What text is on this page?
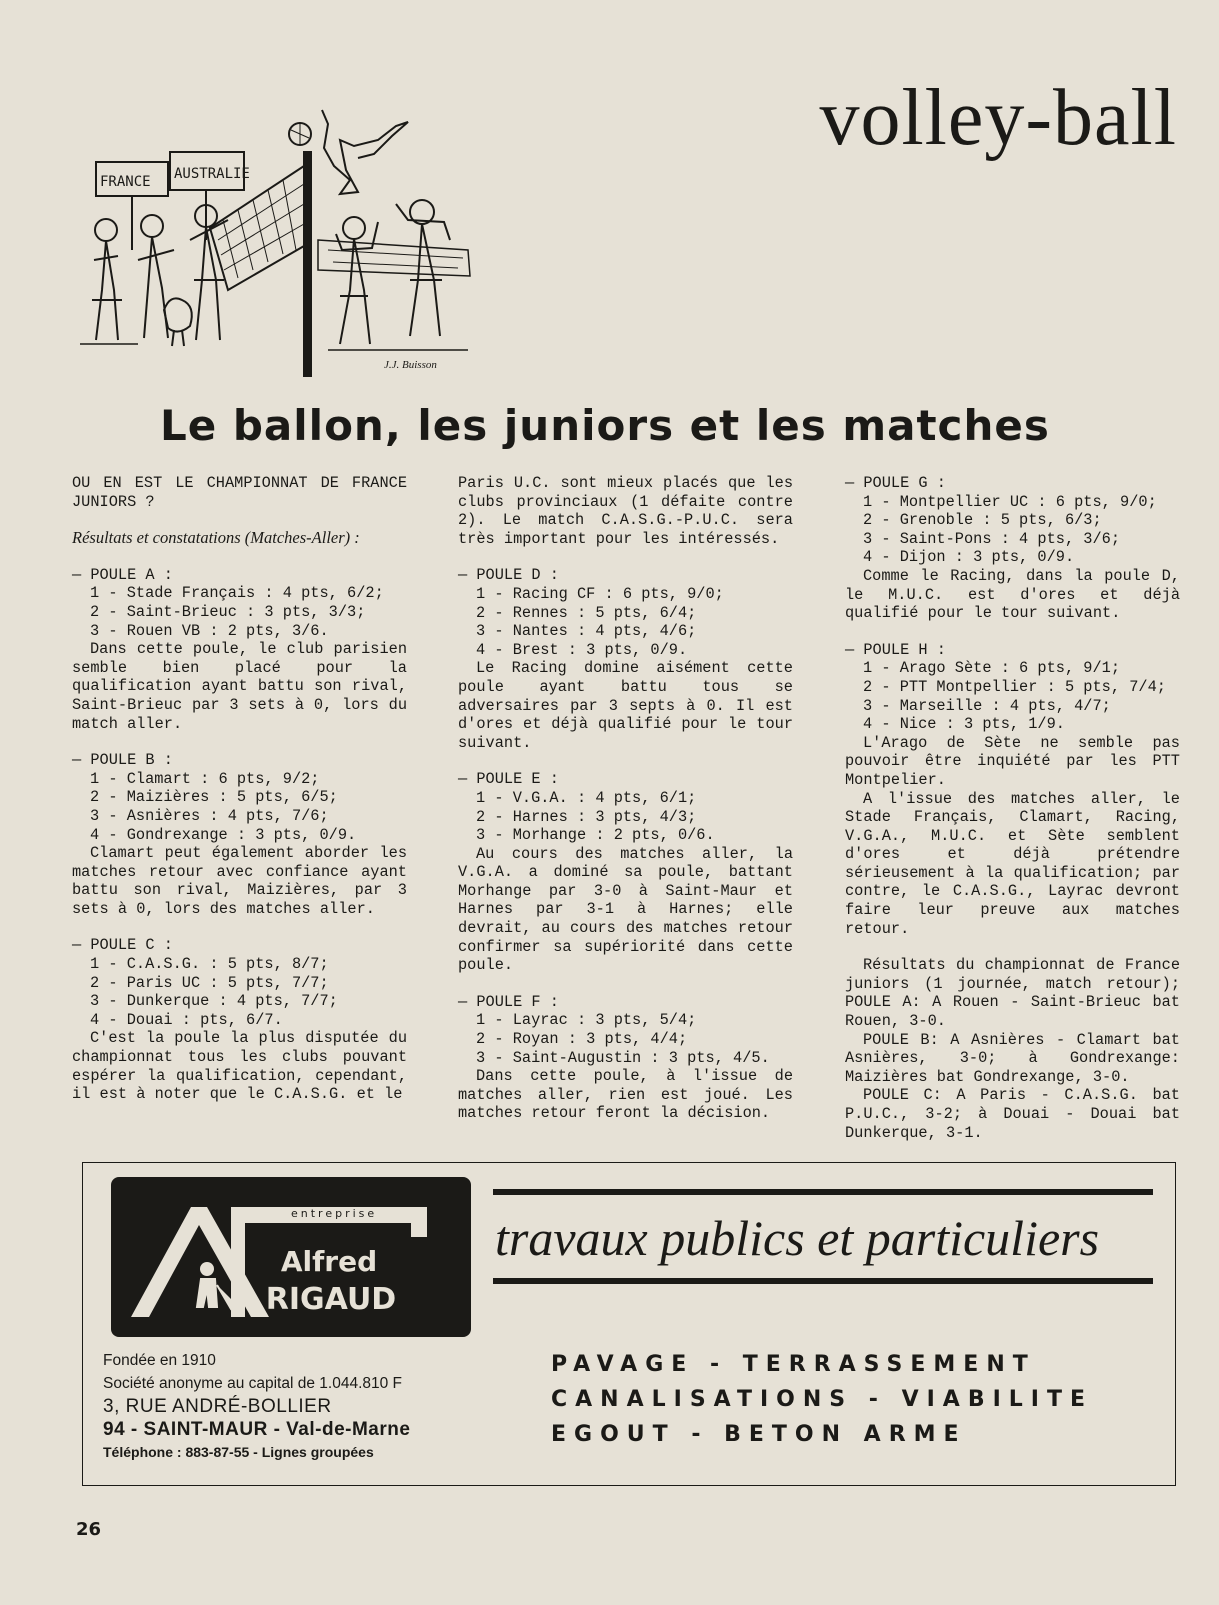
volley-ball
FRANCE AUSTRALIE
J.J. Buisson
Le ballon, les juniors et les matches

OU EN EST LE CHAMPIONNAT DE FRANCE JUNIORS ?

Résultats et constatations (Matches-Aller) :

— POULE A :

1 - Stade Français : 4 pts, 6/2;

2 - Saint-Brieuc : 3 pts, 3/3;

3 - Rouen VB : 2 pts, 3/6.

Dans cette poule, le club parisien semble bien placé pour la qualification ayant battu son rival, Saint-Brieuc par 3 sets à 0, lors du match aller.

— POULE B :

1 - Clamart : 6 pts, 9/2;

2 - Maizières : 5 pts, 6/5;

3 - Asnières : 4 pts, 7/6;

4 - Gondrexange : 3 pts, 0/9.

Clamart peut également aborder les matches retour avec confiance ayant battu son rival, Maizières, par 3 sets à 0, lors des matches aller.

— POULE C :

1 - C.A.S.G. : 5 pts, 8/7;

2 - Paris UC : 5 pts, 7/7;

3 - Dunkerque : 4 pts, 7/7;

4 - Douai : pts, 6/7.

C'est la poule la plus disputée du championnat tous les clubs pouvant espérer la qualification, cependant, il est à noter que le C.A.S.G. et le

Paris U.C. sont mieux placés que les clubs provinciaux (1 défaite contre 2). Le match C.A.S.G.-P.U.C. sera très important pour les intéressés.

— POULE D :

1 - Racing CF : 6 pts, 9/0;

2 - Rennes : 5 pts, 6/4;

3 - Nantes : 4 pts, 4/6;

4 - Brest : 3 pts, 0/9.

Le Racing domine aisément cette poule ayant battu tous se adversaires par 3 septs à 0. Il est d'ores et déjà qualifié pour le tour suivant.

— POULE E :

1 - V.G.A. : 4 pts, 6/1;

2 - Harnes : 3 pts, 4/3;

3 - Morhange : 2 pts, 0/6.

Au cours des matches aller, la V.G.A. a dominé sa poule, battant Morhange par 3-0 à Saint-Maur et Harnes par 3-1 à Harnes; elle devrait, au cours des matches retour confirmer sa supériorité dans cette poule.

— POULE F :

1 - Layrac : 3 pts, 5/4;

2 - Royan : 3 pts, 4/4;

3 - Saint-Augustin : 3 pts, 4/5.

Dans cette poule, à l'issue de matches aller, rien est joué. Les matches retour feront la décision.

— POULE G :

1 - Montpellier UC : 6 pts, 9/0;

2 - Grenoble : 5 pts, 6/3;

3 - Saint-Pons : 4 pts, 3/6;

4 - Dijon : 3 pts, 0/9.

Comme le Racing, dans la poule D, le M.U.C. est d'ores et déjà qualifié pour le tour suivant.

— POULE H :

1 - Arago Sète : 6 pts, 9/1;

2 - PTT Montpellier : 5 pts, 7/4;

3 - Marseille : 4 pts, 4/7;

4 - Nice : 3 pts, 1/9.

L'Arago de Sète ne semble pas pouvoir être inquiété par les PTT Montpelier.

A l'issue des matches aller, le Stade Français, Clamart, Racing, V.G.A., M.U.C. et Sète semblent d'ores et déjà prétendre sérieusement à la qualification; par contre, le C.A.S.G., Layrac devront faire leur preuve aux matches retour.

Résultats du championnat de France juniors (1 journée, match retour); POULE A: A Rouen - Saint-Brieuc bat Rouen, 3-0.

POULE B: A Asnières - Clamart bat Asnières, 3-0; à Gondrexange: Maizières bat Gondrexange, 3-0.

POULE C: A Paris - C.A.S.G. bat P.U.C., 3-2; à Douai - Douai bat Dunkerque, 3-1.

entreprise
Alfred
RIGAUD
travaux publics et particuliers

Fondée en 1910

Société anonyme au capital de 1.044.810 F

3, RUE ANDRÉ-BOLLIER

94 - SAINT-MAUR - Val-de-Marne

Téléphone : 883-87-55 - Lignes groupées

PAVAGE - TERRASSEMENT

CANALISATIONS - VIABILITE

EGOUT - BETON ARME

26
